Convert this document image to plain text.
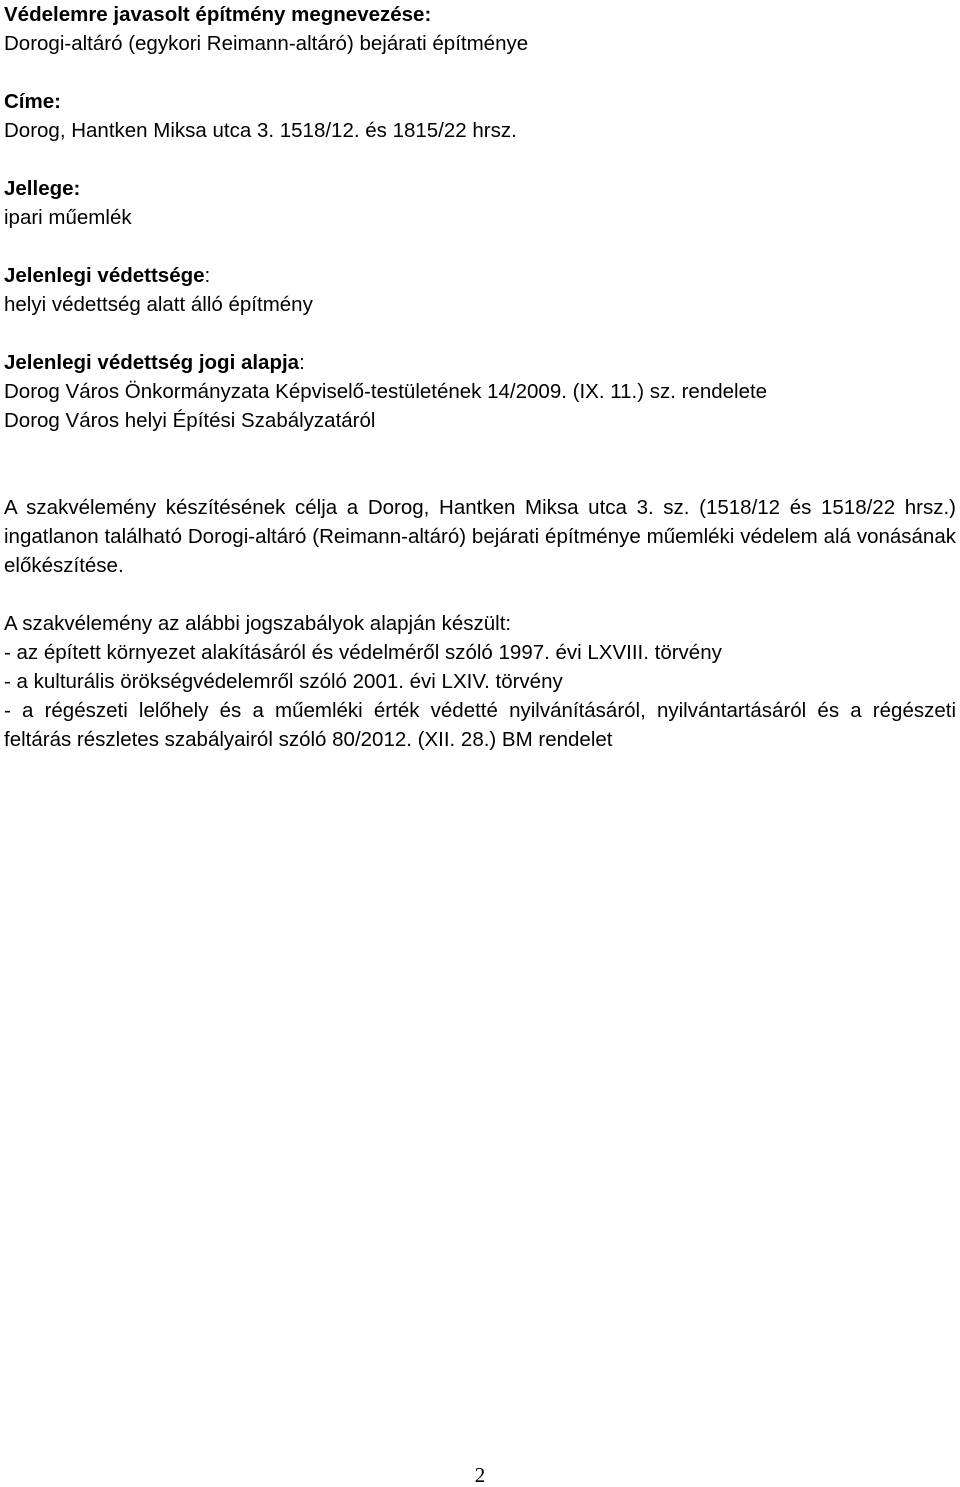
Védelemre javasolt építmény megnevezése:
Dorogi-altáró (egykori Reimann-altáró) bejárati építménye
Címe:
Dorog, Hantken Miksa utca 3. 1518/12. és 1815/22 hrsz.
Jellege:
ipari műemlék
Jelenlegi védettsége:
helyi védettség alatt álló építmény
Jelenlegi védettség jogi alapja:
Dorog Város Önkormányzata Képviselő-testületének 14/2009. (IX. 11.) sz. rendelete
Dorog Város helyi Építési Szabályzatáról

A szakvélemény készítésének célja a Dorog, Hantken Miksa utca 3. sz. (1518/12 és 1518/22 hrsz.) ingatlanon található Dorogi-altáró (Reimann-altáró) bejárati építménye műemléki védelem alá vonásának előkészítése.

A szakvélemény az alábbi jogszabályok alapján készült:

- az épített környezet alakításáról és védelméről szóló 1997. évi LXVIII. törvény
- a kulturális örökségvédelemről szóló 2001. évi LXIV. törvény
- a régészeti lelőhely és a műemléki érték védetté nyilvánításáról, nyilvántartásáról és a régészeti feltárás részletes szabályairól szóló 80/2012. (XII. 28.) BM rendelet
2
